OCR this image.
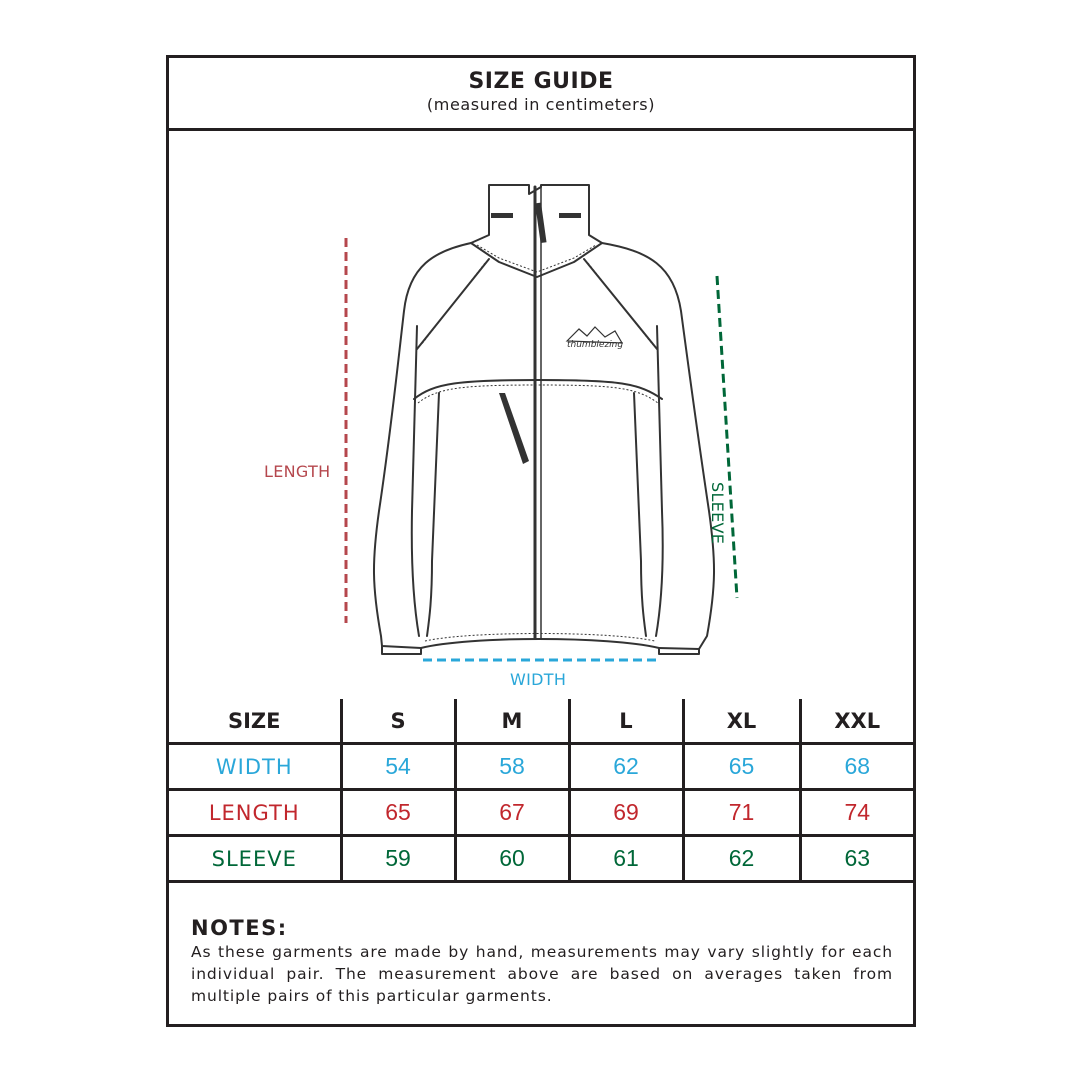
SIZE GUIDE
(measured in centimeters)
thumblezing
LENGTH
WIDTH
SLEEVE
SIZE	S	M	L	XL	XXL
WIDTH	54	58	62	65	68
LENGTH	65	67	69	71	74
SLEEVE	59	60	61	62	63
NOTES:
As these garments are made by hand, measurements may vary slightly for each individual pair. The measurement above are based on averages taken from multiple pairs of this particular garments.
